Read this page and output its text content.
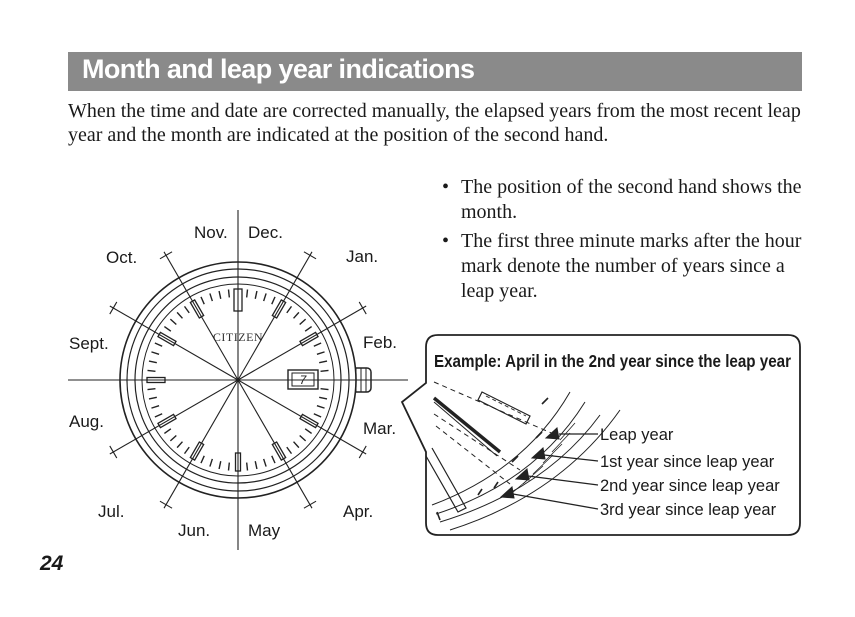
Month and leap year indications

When the time and date are corrected manually, the elapsed years from the most recent leap year and the month are indicated at the position of the second hand.

• The position of the second hand shows the month.
• The first three minute marks after the hour mark denote the number of years since a leap year.
CITIZEN
7
Jan.
Feb.
Mar.
Apr.
May
Jun.
Jul.
Aug.
Sept.
Oct.
Nov. Dec.
Example: April in the 2nd year since the leap year
Leap year
1st year since leap year
2nd year since leap year
3rd year since leap year
24
